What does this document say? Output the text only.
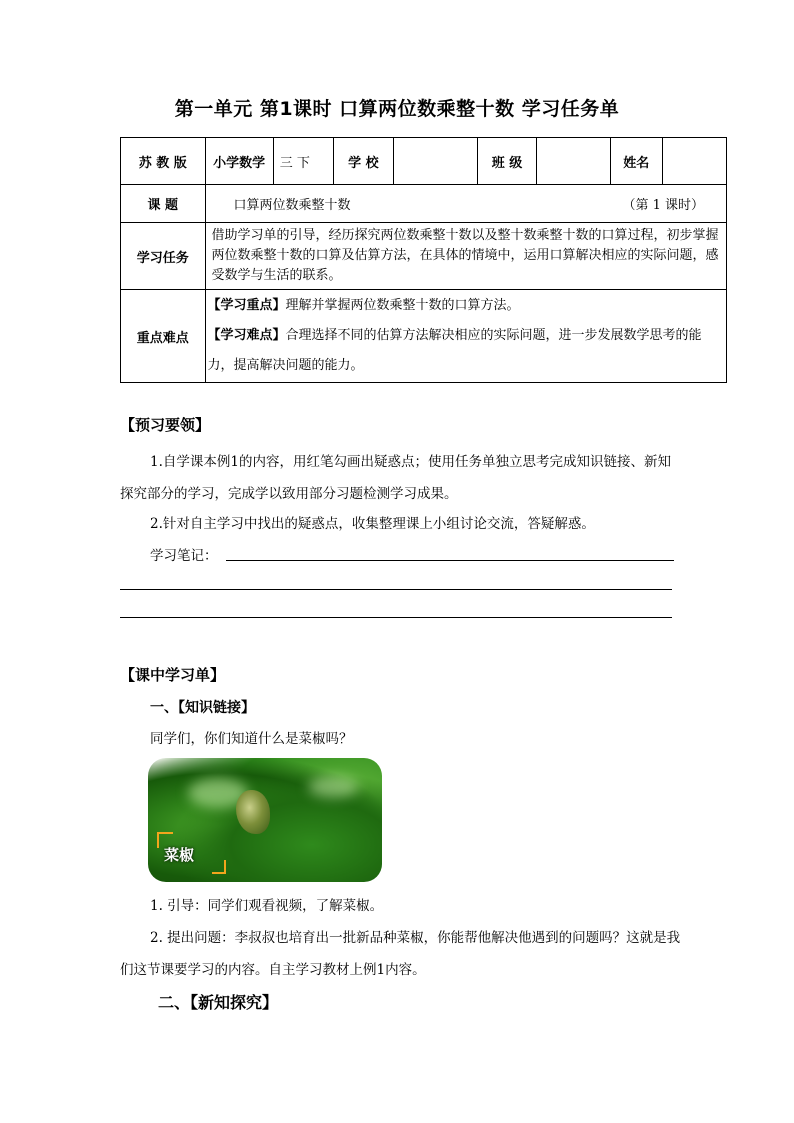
第一单元 第1课时 口算两位数乘整十数 学习任务单
苏 教 版	小学数学	三 下	学 校		班 级		姓名	
课 题	口算两位数乘整十数 （第 1 课时）							

学习任务	借助学习单的引导，经历探究两位数乘整十数以及整十数乘整十数的口算过程，初步掌握两位数乘整十数的口算及估算方法，在具体的情境中，运用口算解决相应的实际问题，感受数学与生活的联系。							
重点难点	【学习重点】理解并掌握两位数乘整十数的口算方法。
【学习难点】合理选择不同的估算方法解决相应的实际问题，进一步发展数学思考的能力，提高解决问题的能力。							
【预习要领】
1.自学课本例1的内容，用红笔勾画出疑惑点；使用任务单独立思考完成知识链接、新知探究部分的学习，完成学以致用部分习题检测学习成果。
2.针对自主学习中找出的疑惑点，收集整理课上小组讨论交流，答疑解惑。
学习笔记：
【课中学习单】
一、【知识链接】
同学们，你们知道什么是菜椒吗？
菜椒
1. 引导：同学们观看视频，了解菜椒。
2. 提出问题：李叔叔也培育出一批新品种菜椒，你能帮他解决他遇到的问题吗？这就是我们这节课要学习的内容。自主学习教材上例1内容。
二、【新知探究】
